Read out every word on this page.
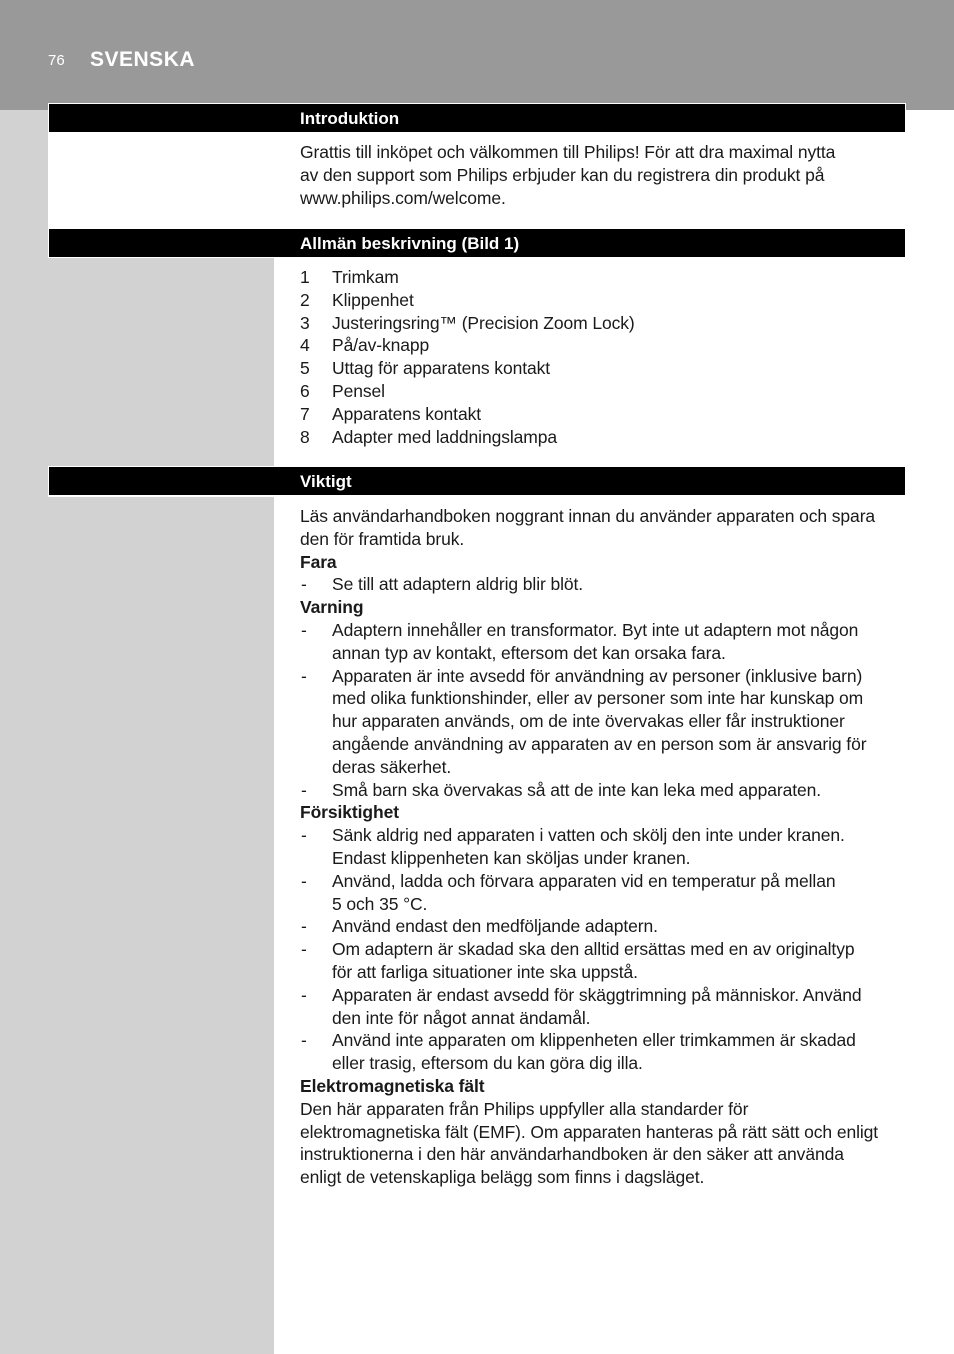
76 SVENSKA
Introduktion

Grattis till inköpet och välkommen till Philips! För att dra maximal nytta
av den support som Philips erbjuder kan du registrera din produkt på
www.philips.com/welcome.

Allmän beskrivning (Bild 1)
1 Trimkam
2 Klippenhet
3 Justeringsring™ (Precision Zoom Lock)
4 På/av-knapp
5 Uttag för apparatens kontakt
6 Pensel
7 Apparatens kontakt
8 Adapter med laddningslampa
Viktigt

Läs användarhandboken noggrant innan du använder apparaten och spara
den för framtida bruk.

Fara

- Se till att adaptern aldrig blir blöt.

Varning

- Adaptern innehåller en transformator. Byt inte ut adaptern mot någon
annan typ av kontakt, eftersom det kan orsaka fara.
- Apparaten är inte avsedd för användning av personer (inklusive barn)
med olika funktionshinder, eller av personer som inte har kunskap om
hur apparaten används, om de inte övervakas eller får instruktioner
angående användning av apparaten av en person som är ansvarig för
deras säkerhet.
- Små barn ska övervakas så att de inte kan leka med apparaten.

Försiktighet

- Sänk aldrig ned apparaten i vatten och skölj den inte under kranen.
Endast klippenheten kan sköljas under kranen.
- Använd, ladda och förvara apparaten vid en temperatur på mellan
5 och 35 °C.
- Använd endast den medföljande adaptern.
- Om adaptern är skadad ska den alltid ersättas med en av originaltyp
för att farliga situationer inte ska uppstå.
- Apparaten är endast avsedd för skäggtrimning på människor. Använd
den inte för något annat ändamål.
- Använd inte apparaten om klippenheten eller trimkammen är skadad
eller trasig, eftersom du kan göra dig illa.

Elektromagnetiska fält

Den här apparaten från Philips uppfyller alla standarder för
elektromagnetiska fält (EMF). Om apparaten hanteras på rätt sätt och enligt
instruktionerna i den här användarhandboken är den säker att använda
enligt de vetenskapliga belägg som finns i dagsläget.
